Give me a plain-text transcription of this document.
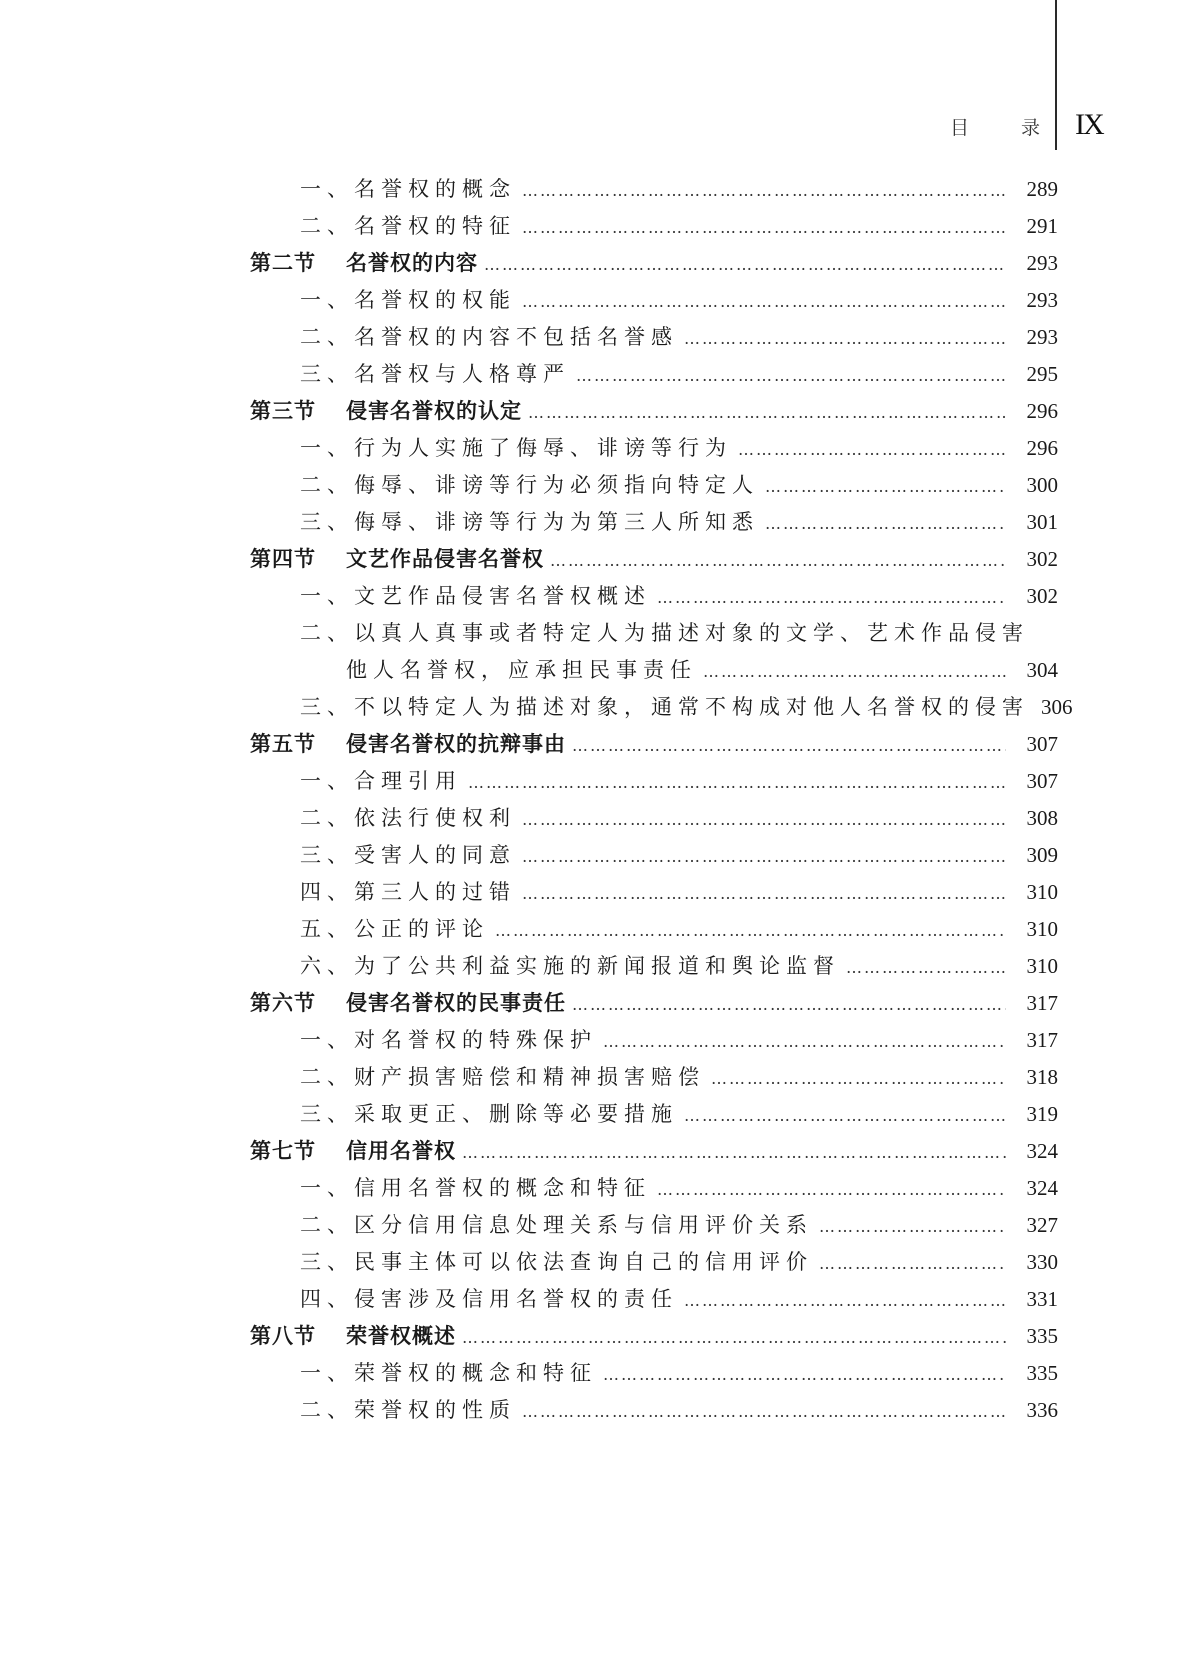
目	录 IX
一、名誉权的概念 …………………………………………………………………………………………………………………………………………………………	289
二、名誉权的特征 …………………………………………………………………………………………………………………………………………………………	291
第二节	名誉权的内容 …………………………………………………………………………………………………………………………………………………………	293
一、名誉权的权能 …………………………………………………………………………………………………………………………………………………………	293
二、名誉权的内容不包括名誉感 …………………………………………………………………………………………………………………………………………………………	293
三、名誉权与人格尊严 …………………………………………………………………………………………………………………………………………………………	295
第三节	侵害名誉权的认定 …………………………………………………………………………………………………………………………………………………………	296
一、行为人实施了侮辱、诽谤等行为 …………………………………………………………………………………………………………………………………………………………	296
二、侮辱、诽谤等行为必须指向特定人 …………………………………………………………………………………………………………………………………………………………	300
三、侮辱、诽谤等行为为第三人所知悉 …………………………………………………………………………………………………………………………………………………………	301
第四节	文艺作品侵害名誉权 …………………………………………………………………………………………………………………………………………………………	302
一、文艺作品侵害名誉权概述 …………………………………………………………………………………………………………………………………………………………	302
二、以真人真事或者特定人为描述对象的文学、艺术作品侵害
他人名誉权，应承担民事责任 …………………………………………………………………………………………………………………………………………………………	304
三、不以特定人为描述对象，通常不构成对他人名誉权的侵害 306
第五节	侵害名誉权的抗辩事由 …………………………………………………………………………………………………………………………………………………………	307
一、合理引用 …………………………………………………………………………………………………………………………………………………………	307
二、依法行使权利 …………………………………………………………………………………………………………………………………………………………	308
三、受害人的同意 …………………………………………………………………………………………………………………………………………………………	309
四、第三人的过错 …………………………………………………………………………………………………………………………………………………………	310
五、公正的评论 …………………………………………………………………………………………………………………………………………………………	310
六、为了公共利益实施的新闻报道和舆论监督 …………………………………………………………………………………………………………………………………………………………	310
第六节	侵害名誉权的民事责任 …………………………………………………………………………………………………………………………………………………………	317
一、对名誉权的特殊保护 …………………………………………………………………………………………………………………………………………………………	317
二、财产损害赔偿和精神损害赔偿 …………………………………………………………………………………………………………………………………………………………	318
三、采取更正、删除等必要措施 …………………………………………………………………………………………………………………………………………………………	319
第七节	信用名誉权 …………………………………………………………………………………………………………………………………………………………	324
一、信用名誉权的概念和特征 …………………………………………………………………………………………………………………………………………………………	324
二、区分信用信息处理关系与信用评价关系 …………………………………………………………………………………………………………………………………………………………	327
三、民事主体可以依法查询自己的信用评价 …………………………………………………………………………………………………………………………………………………………	330
四、侵害涉及信用名誉权的责任 …………………………………………………………………………………………………………………………………………………………	331
第八节	荣誉权概述 …………………………………………………………………………………………………………………………………………………………	335
一、荣誉权的概念和特征 …………………………………………………………………………………………………………………………………………………………	335
二、荣誉权的性质 …………………………………………………………………………………………………………………………………………………………	336
